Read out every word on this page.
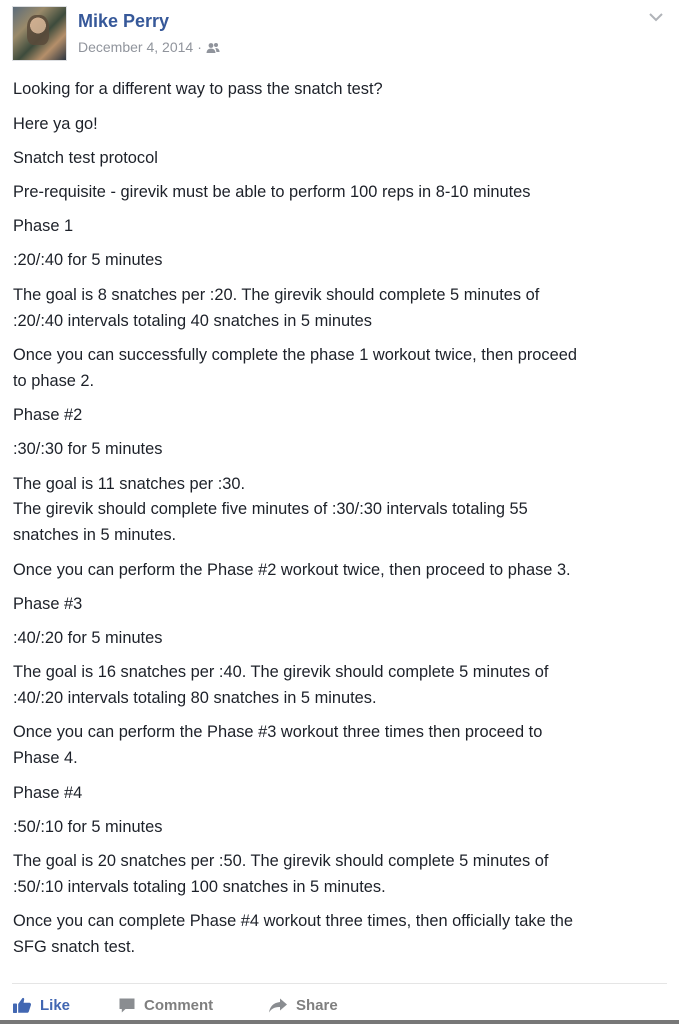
Mike Perry
December 4, 2014 ·
Looking for a different way to pass the snatch test?
Here ya go!
Snatch test protocol
Pre-requisite - girevik must be able to perform 100 reps in 8-10 minutes
Phase 1
:20/:40 for 5 minutes
The goal is 8 snatches per :20. The girevik should complete 5 minutes of
:20/:40 intervals totaling 40 snatches in 5 minutes
Once you can successfully complete the phase 1 workout twice, then proceed
to phase 2.
Phase #2
:30/:30 for 5 minutes
The goal is 11 snatches per :30.
The girevik should complete five minutes of :30/:30 intervals totaling 55
snatches in 5 minutes.
Once you can perform the Phase #2 workout twice, then proceed to phase 3.
Phase #3
:40/:20 for 5 minutes
The goal is 16 snatches per :40. The girevik should complete 5 minutes of
:40/:20 intervals totaling 80 snatches in 5 minutes.
Once you can perform the Phase #3 workout three times then proceed to
Phase 4.
Phase #4
:50/:10 for 5 minutes
The goal is 20 snatches per :50. The girevik should complete 5 minutes of
:50/:10 intervals totaling 100 snatches in 5 minutes.
Once you can complete Phase #4 workout three times, then officially take the
SFG snatch test.
Like	Comment	Share
